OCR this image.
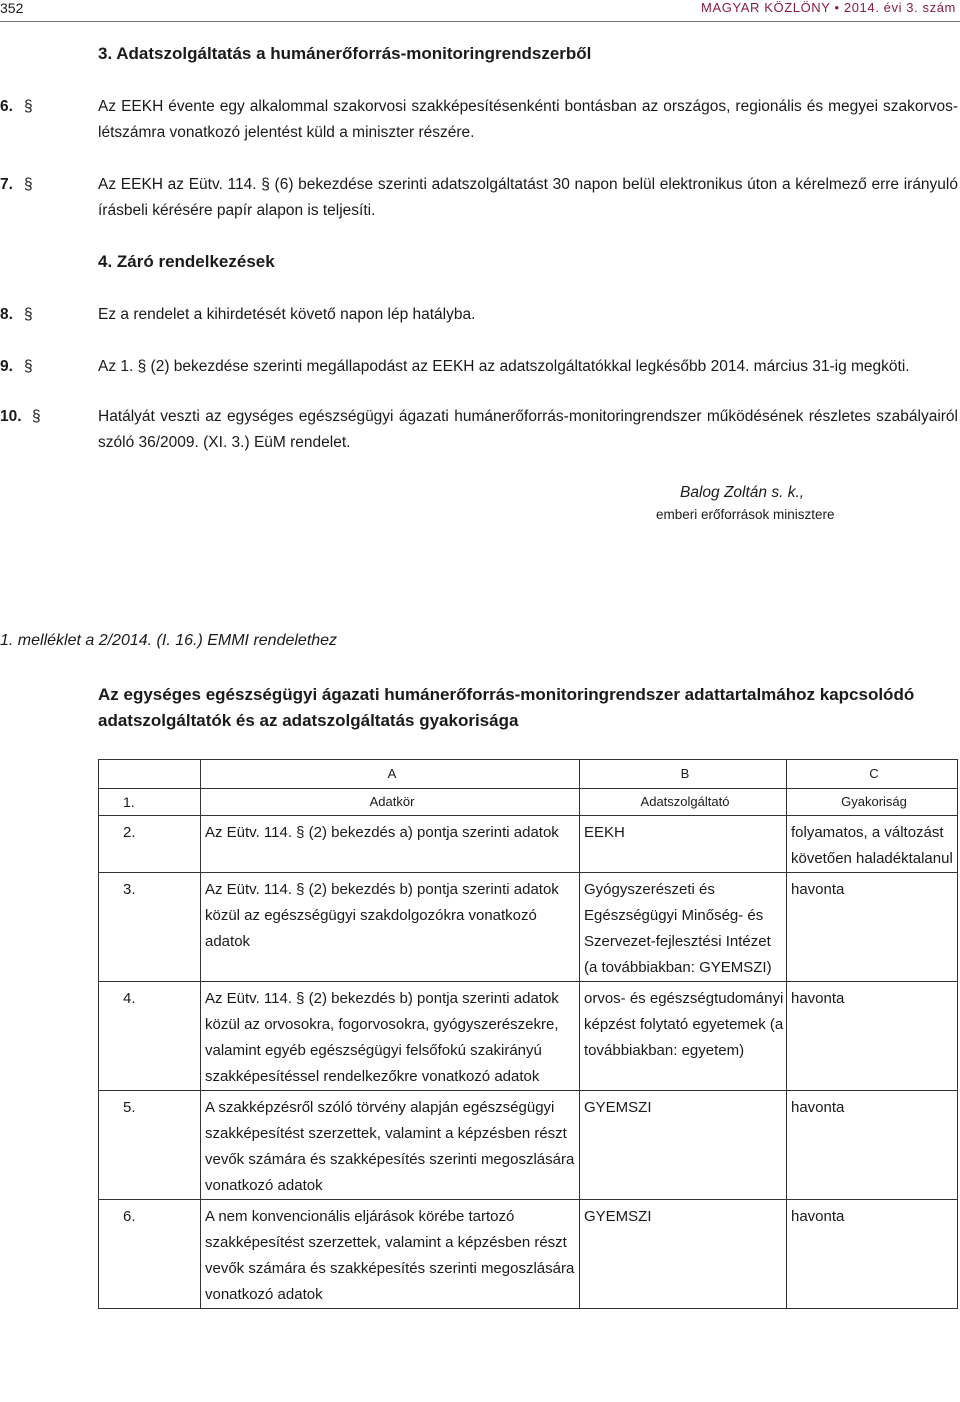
352	MAGYAR KÖZLÖNY • 2014. évi 3. szám
3. Adatszolgáltatás a humánerőforrás-monitoringrendszerből
6. §	Az EEKH évente egy alkalommal szakorvosi szakképesítésenkénti bontásban az országos, regionális és megyei szakorvos-létszámra vonatkozó jelentést küld a miniszter részére.
7. §	Az EEKH az Eütv. 114. § (6) bekezdése szerinti adatszolgáltatást 30 napon belül elektronikus úton a kérelmező erre irányuló írásbeli kérésére papír alapon is teljesíti.
4. Záró rendelkezések
8. §	Ez a rendelet a kihirdetését követő napon lép hatályba.
9. §	Az 1. § (2) bekezdése szerinti megállapodást az EEKH az adatszolgáltatókkal legkésőbb 2014. március 31-ig megköti.
10. §	Hatályát veszti az egységes egészségügyi ágazati humánerőforrás-monitoringrendszer működésének részletes szabályairól szóló 36/2009. (XI. 3.) EüM rendelet.
Balog Zoltán s. k.,
emberi erőforrások minisztere
1. melléklet a 2/2014. (I. 16.) EMMI rendelethez
Az egységes egészségügyi ágazati humánerőforrás-monitoringrendszer adattartalmához kapcsolódó adatszolgáltatók és az adatszolgáltatás gyakorisága
	A	B	C
1.	Adatkör	Adatszolgáltató	Gyakoriság
2.	Az Eütv. 114. § (2) bekezdés a) pontja szerinti adatok	EEKH	folyamatos, a változást követően haladéktalanul
3.	Az Eütv. 114. § (2) bekezdés b) pontja szerinti adatok közül az egészségügyi szakdolgozókra vonatkozó adatok	Gyógyszerészeti és Egészségügyi Minőség- és Szervezet-fejlesztési Intézet (a továbbiakban: GYEMSZI)	havonta
4.	Az Eütv. 114. § (2) bekezdés b) pontja szerinti adatok közül az orvosokra, fogorvosokra, gyógyszerészekre, valamint egyéb egészségügyi felsőfokú szakirányú szakképesítéssel rendelkezőkre vonatkozó adatok	orvos- és egészségtudományi képzést folytató egyetemek (a továbbiakban: egyetem)	havonta
5.	A szakképzésről szóló törvény alapján egészségügyi szakképesítést szerzettek, valamint a képzésben részt vevők számára és szakképesítés szerinti megoszlására vonatkozó adatok	GYEMSZI	havonta
6.	A nem konvencionális eljárások körébe tartozó szakképesítést szerzettek, valamint a képzésben részt vevők számára és szakképesítés szerinti megoszlására vonatkozó adatok	GYEMSZI	havonta
